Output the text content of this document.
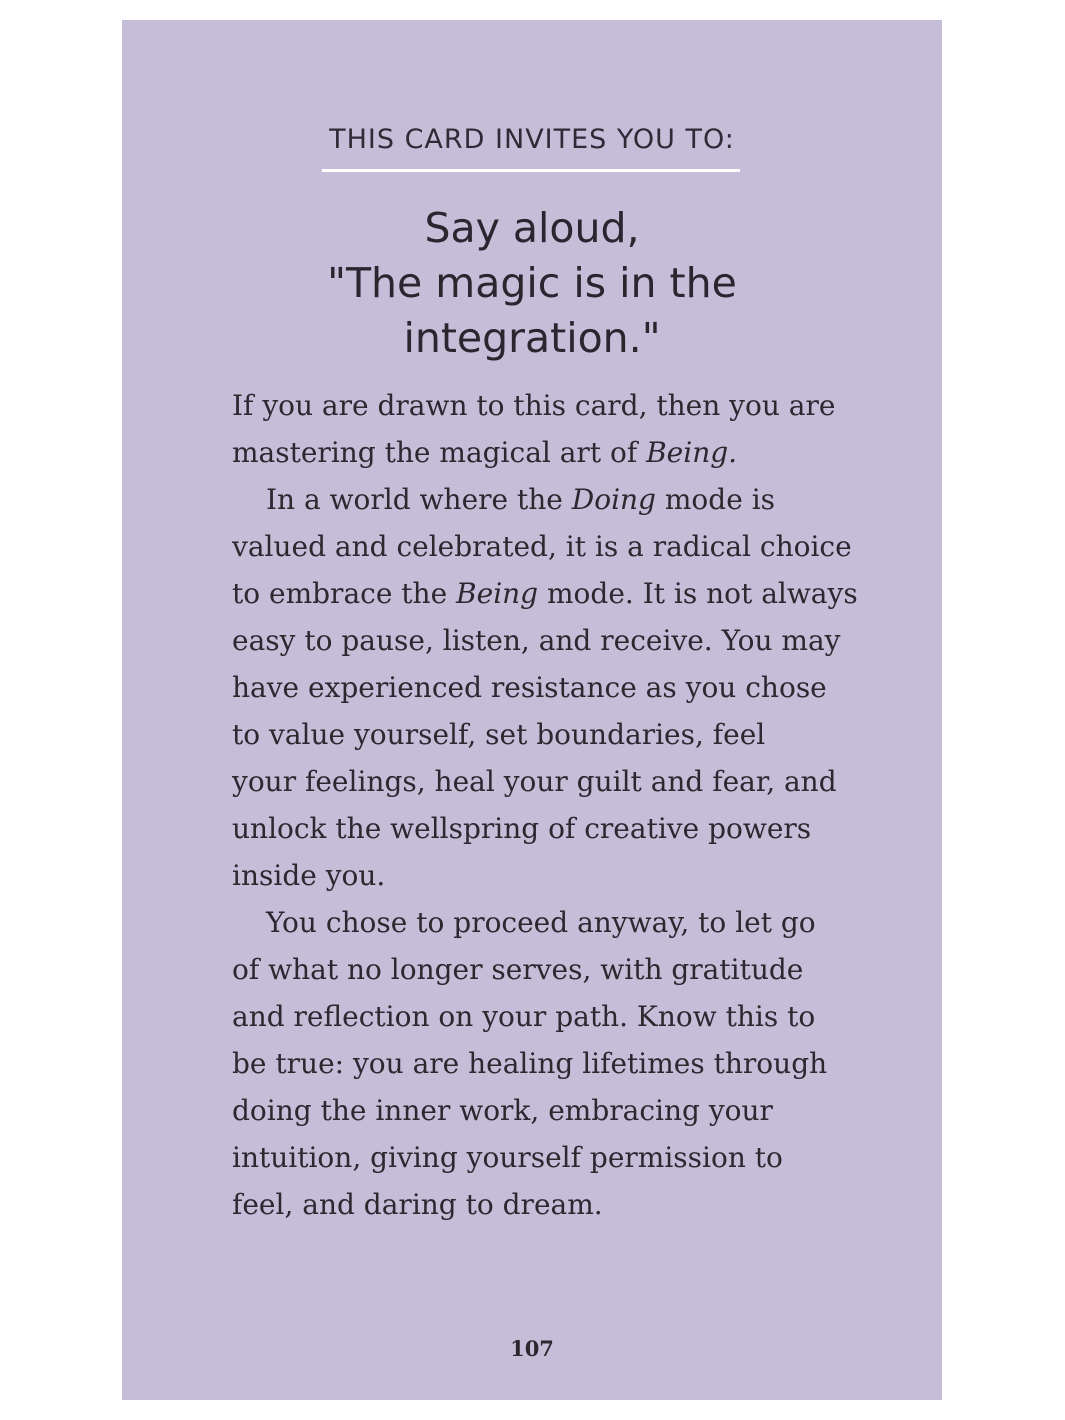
THIS CARD INVITES YOU TO:
Say aloud,
"The magic is in the
integration."
If you are drawn to this card, then you are
mastering the magical art of Being.
In a world where the Doing mode is
valued and celebrated, it is a radical choice
to embrace the Being mode. It is not always
easy to pause, listen, and receive. You may
have experienced resistance as you chose
to value yourself, set boundaries, feel
your feelings, heal your guilt and fear, and
unlock the wellspring of creative powers
inside you.
You chose to proceed anyway, to let go
of what no longer serves, with gratitude
and reflection on your path. Know this to
be true: you are healing lifetimes through
doing the inner work, embracing your
intuition, giving yourself permission to
feel, and daring to dream.
107
